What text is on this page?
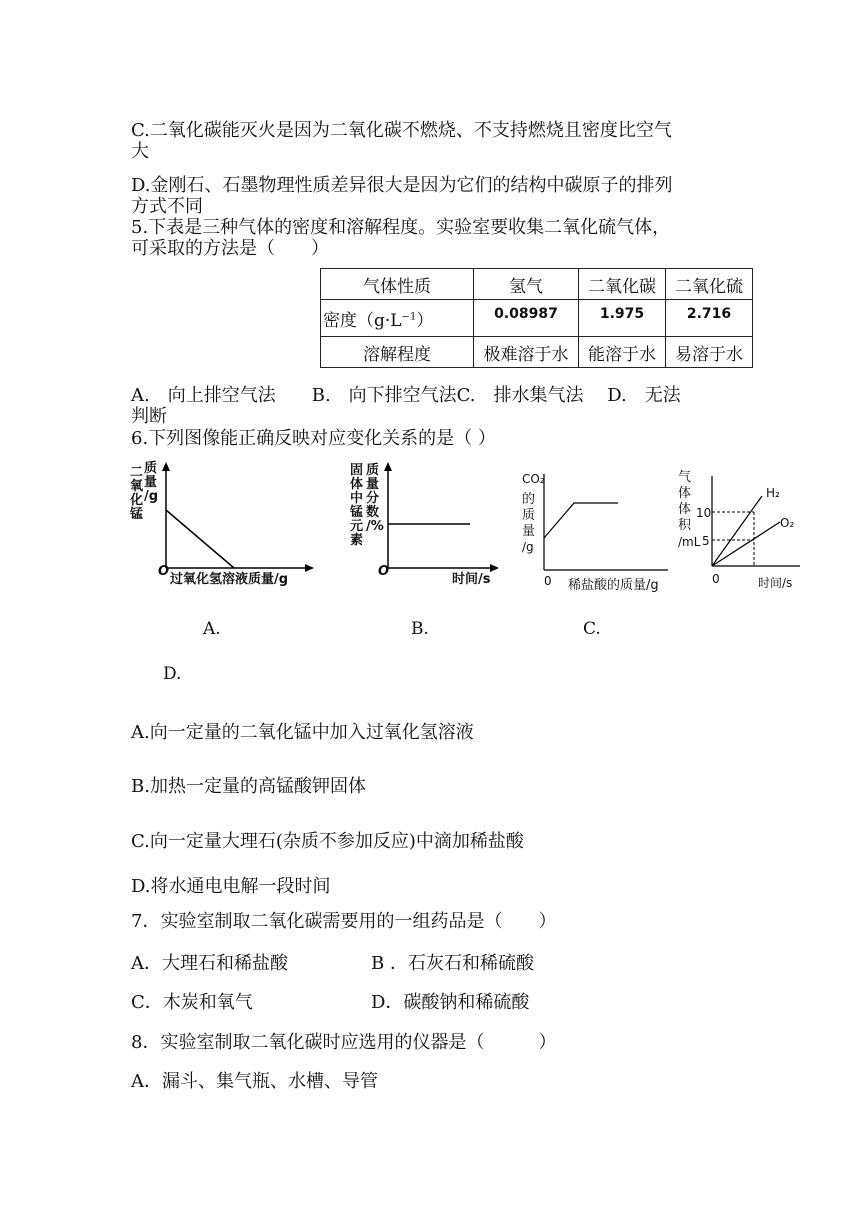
C.二氧化碳能灭火是因为二氧化碳不燃烧、不支持燃烧且密度比空气
大
D.金刚石、石墨物理性质差异很大是因为它们的结构中碳原子的排列
方式不同
5.下表是三种气体的密度和溶解程度。实验室要收集二氧化硫气体，
可采取的方法是（　　）
气体性质	氢气	二氧化碳	二氧化硫
密度$(g\cdot L^{-1})$	0.08987	1.975	2.716
溶解程度	极难溶于水	能溶于水	易溶于水
A.　向上排空气法　　B.　向下排空气法C.　排水集气法　 D.　无法
判断
6.下列图像能正确反映对应变化关系的是（ ）
二
氧
化
锰
质
量
/g
O
过氧化氢溶液质量/g
固
体
中
锰
元
素
质
量
分
数
/%
O
时间/s
CO₂
的
质
量
/g
0 稀盐酸的质量/g
气
体
体
积
/mL
10
5
H₂
O₂
0	时间/s
A.	B.	C.
D.
A.向一定量的二氧化锰中加入过氧化氢溶液
B.加热一定量的高锰酸钾固体
C.向一定量大理石(杂质不参加反应)中滴加稀盐酸
D.将水通电电解一段时间
7．实验室制取二氧化碳需要用的一组药品是（　　）
A．大理石和稀盐酸	B ．石灰石和稀硫酸
C．木炭和氧气	D．碳酸钠和稀硫酸
8．实验室制取二氧化碳时应选用的仪器是（　　　）
A．漏斗、集气瓶、水槽、导管
